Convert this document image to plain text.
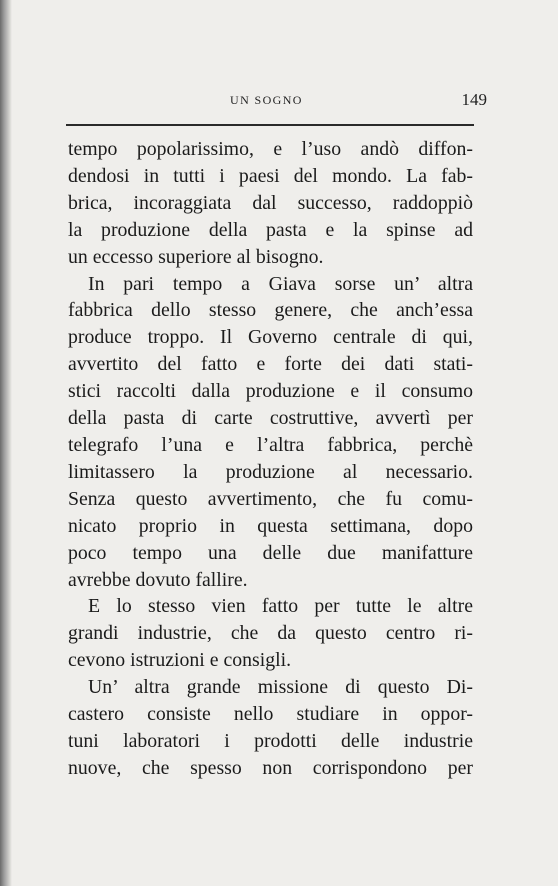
UN SOGNO	149
tempo popolarissimo, e l’uso andò diffon-
dendosi in tutti i paesi del mondo. La fab-
brica, incoraggiata dal successo, raddoppiò
la produzione della pasta e la spinse ad
un eccesso superiore al bisogno.
In pari tempo a Giava sorse un’ altra
fabbrica dello stesso genere, che anch’essa
produce troppo. Il Governo centrale di qui,
avvertito del fatto e forte dei dati stati-
stici raccolti dalla produzione e il consumo
della pasta di carte costruttive, avvertì per
telegrafo l’una e l’altra fabbrica, perchè
limitassero la produzione al necessario.
Senza questo avvertimento, che fu comu-
nicato proprio in questa settimana, dopo
poco tempo una delle due manifatture
avrebbe dovuto fallire.
E lo stesso vien fatto per tutte le altre
grandi industrie, che da questo centro ri-
cevono istruzioni e consigli.
Un’ altra grande missione di questo Di-
castero consiste nello studiare in oppor-
tuni laboratori i prodotti delle industrie
nuove, che spesso non corrispondono per
